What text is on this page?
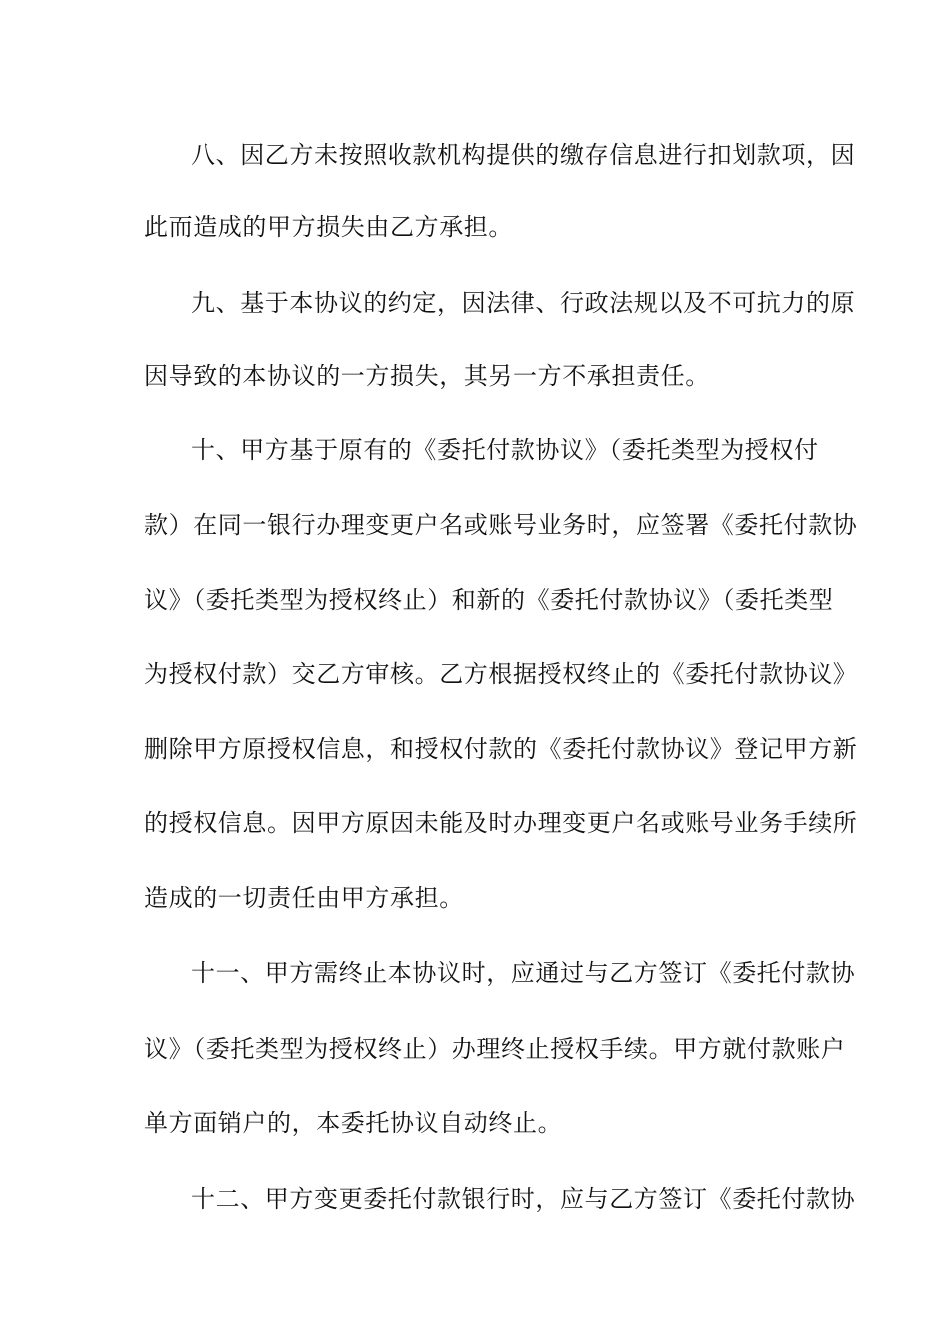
八、因乙方未按照收款机构提供的缴存信息进行扣划款项，因
此而造成的甲方损失由乙方承担。
九、基于本协议的约定，因法律、行政法规以及不可抗力的原
因导致的本协议的一方损失，其另一方不承担责任。
十、甲方基于原有的《委托付款协议》（委托类型为授权付
款）在同一银行办理变更户名或账号业务时，应签署《委托付款协
议》（委托类型为授权终止）和新的《委托付款协议》（委托类型
为授权付款）交乙方审核。乙方根据授权终止的《委托付款协议》
删除甲方原授权信息，和授权付款的《委托付款协议》登记甲方新
的授权信息。因甲方原因未能及时办理变更户名或账号业务手续所
造成的一切责任由甲方承担。
十一、甲方需终止本协议时，应通过与乙方签订《委托付款协
议》（委托类型为授权终止）办理终止授权手续。甲方就付款账户
单方面销户的，本委托协议自动终止。
十二、甲方变更委托付款银行时，应与乙方签订《委托付款协
